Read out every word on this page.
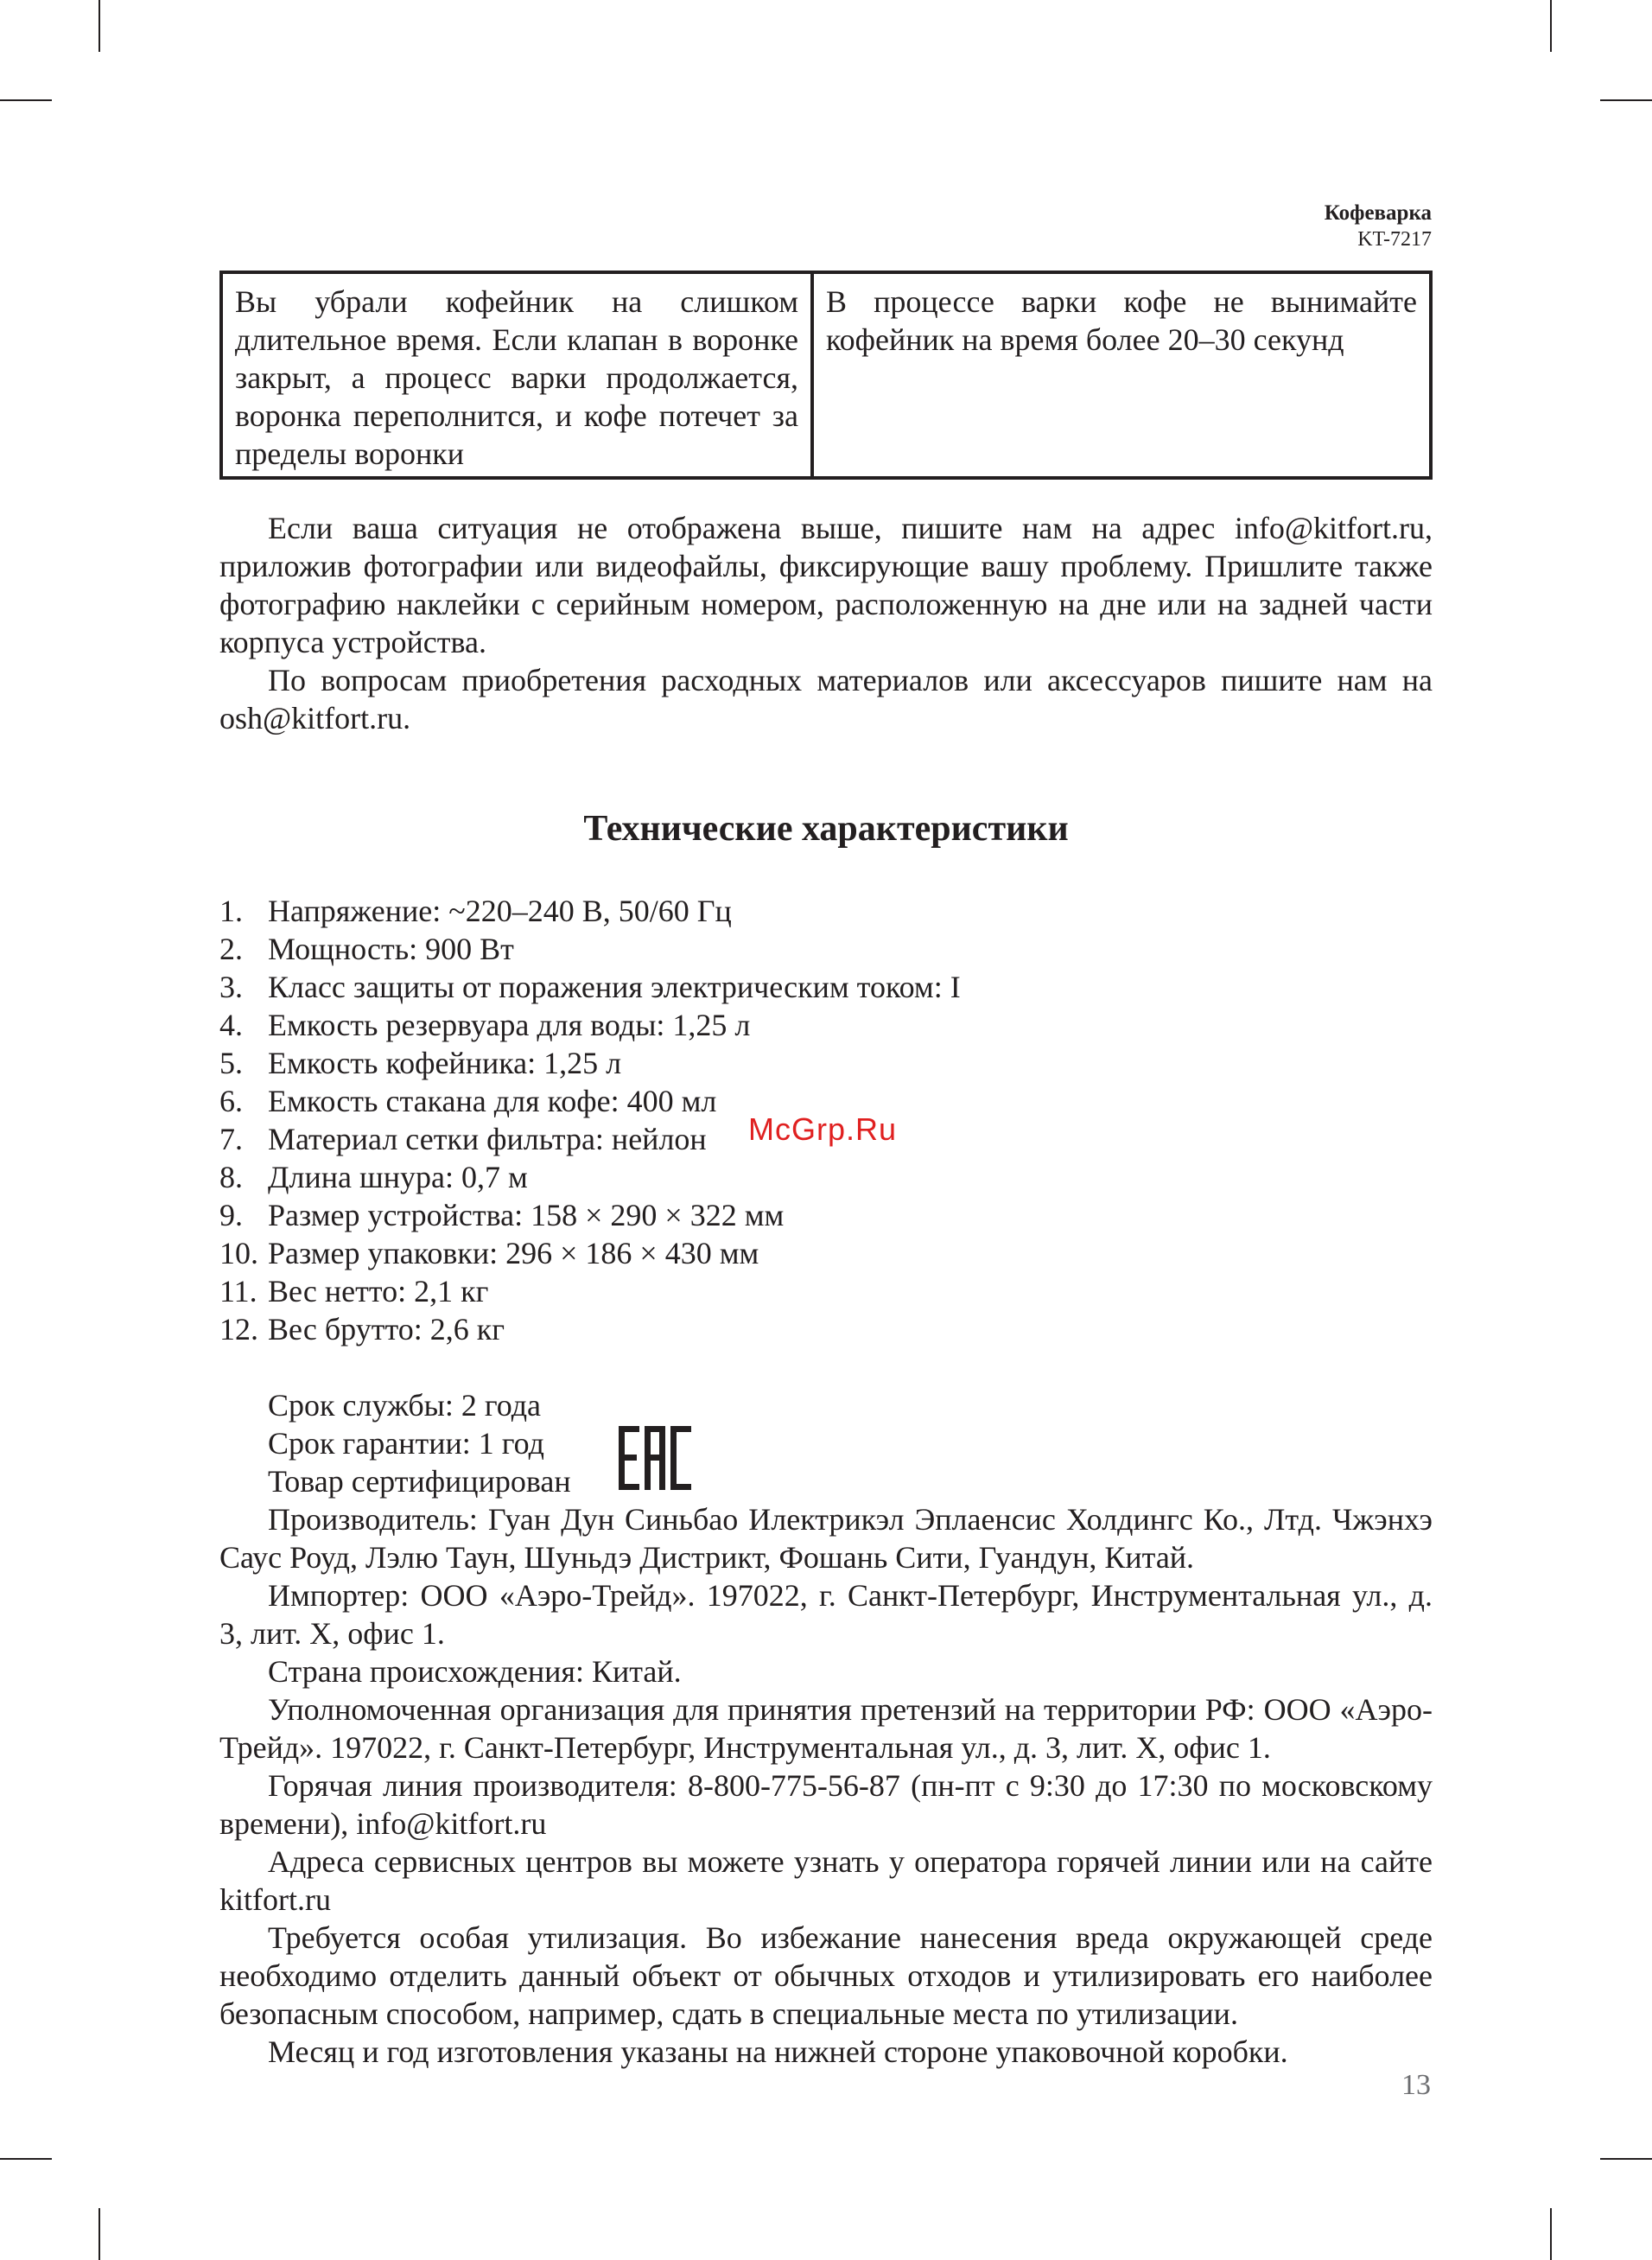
Кофеварка
KT-7217
Вы убрали кофейник на слишком длительное время. Если клапан в воронке закрыт, а процесс варки продолжается, воронка переполнится, и кофе потечет за пределы воронки	В процессе варки кофе не вынимайте кофейник на время более 20–30 секунд

Если ваша ситуация не отображена выше, пишите нам на адрес info@kitfort.ru, приложив фотографии или видеофайлы, фиксирующие вашу проблему. Пришлите также фотографию наклейки с серийным номером, расположенную на дне или на задней части корпуса устройства.

По вопросам приобретения расходных материалов или аксессуаров пишите нам на osh@kitfort.ru.

Технические характеристики
1. Напряжение: ~220–240 В, 50/60 Гц
2. Мощность: 900 Вт
3. Класс защиты от поражения электрическим током: I
4. Емкость резервуара для воды: 1,25 л
5. Емкость кофейника: 1,25 л
6. Емкость стакана для кофе: 400 мл
7. Материал сетки фильтра: нейлон
8. Длина шнура: 0,7 м
9. Размер устройства: 158 × 290 × 322 мм
10. Размер упаковки: 296 × 186 × 430 мм
11. Вес нетто: 2,1 кг
12. Вес брутто: 2,6 кг
McGrp.Ru
Срок службы: 2 года
Срок гарантии: 1 год
Товар сертифицирован

Производитель: Гуан Дун Синьбао Илектрикэл Эплаенсис Холдингс Ко., Лтд. Чжэнхэ Саус Роуд, Лэлю Таун, Шуньдэ Дистрикт, Фошань Сити, Гуандун, Китай.

Импортер: ООО «Аэро-Трейд». 197022, г. Санкт-Петербург, Инструментальная ул., д. 3, лит. Х, офис 1.

Страна происхождения: Китай.

Уполномоченная организация для принятия претензий на территории РФ: ООО «Аэро-Трейд». 197022, г. Санкт-Петербург, Инструментальная ул., д. 3, лит. Х, офис 1.

Горячая линия производителя: 8-800-775-56-87 (пн-пт с 9:30 до 17:30 по московскому времени), info@kitfort.ru

Адреса сервисных центров вы можете узнать у оператора горячей линии или на сайте kitfort.ru

Требуется особая утилизация. Во избежание нанесения вреда окружающей среде необходимо отделить данный объект от обычных отходов и утилизировать его наиболее безопасным способом, например, сдать в специальные места по утилизации.

Месяц и год изготовления указаны на нижней стороне упаковочной коробки.

13
